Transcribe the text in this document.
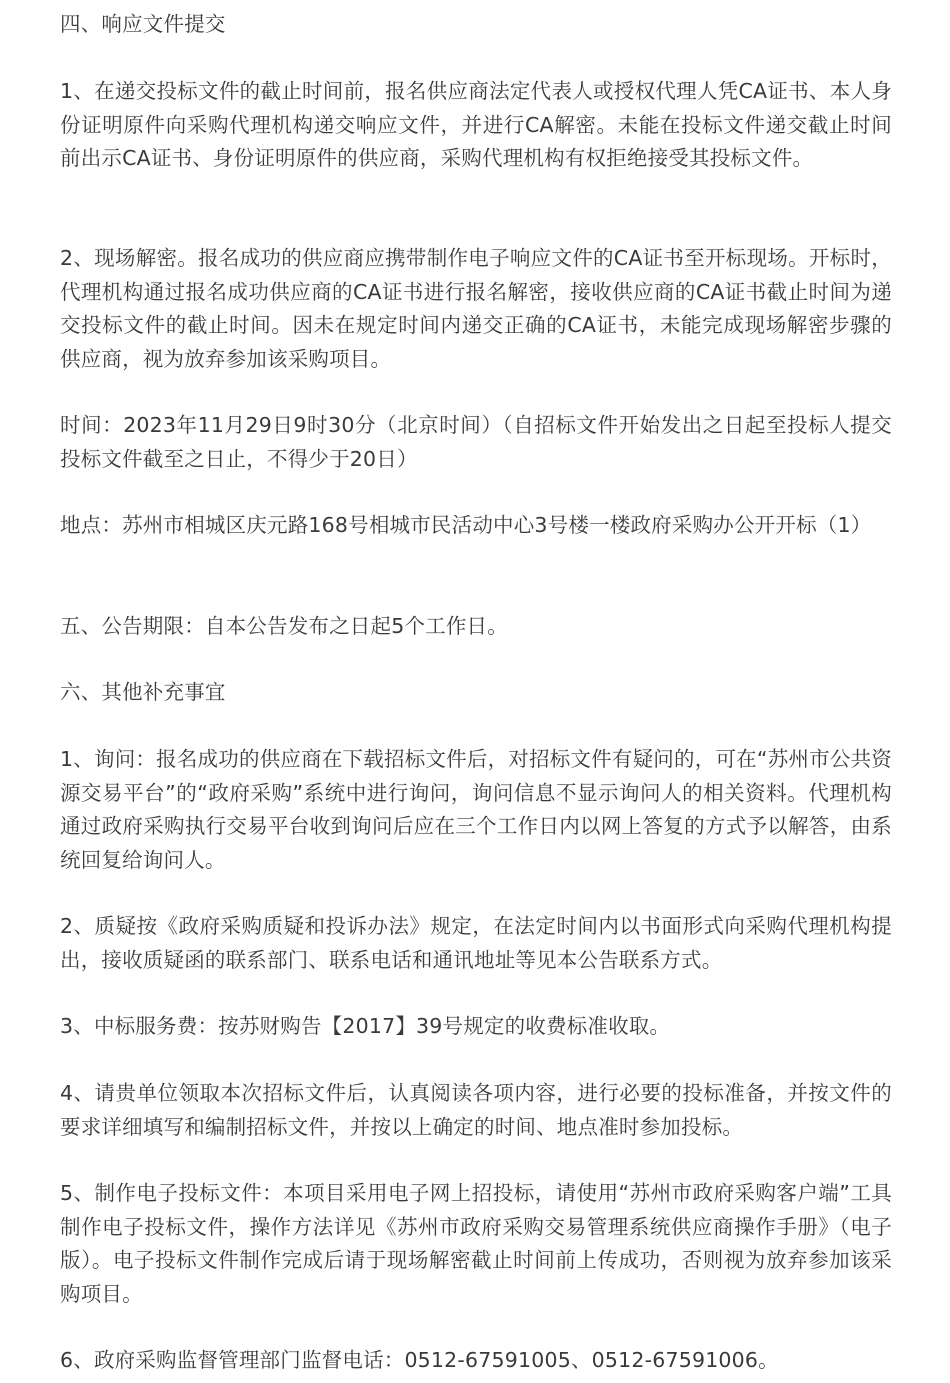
四、响应文件提交

1、在递交投标文件的截止时间前，报名供应商法定代表人或授权代理人凭CA证书、本人身份证明原件向采购代理机构递交响应文件，并进行CA解密。未能在投标文件递交截止时间前出示CA证书、身份证明原件的供应商，采购代理机构有权拒绝接受其投标文件。

2、现场解密。报名成功的供应商应携带制作电子响应文件的CA证书至开标现场。开标时，代理机构通过报名成功供应商的CA证书进行报名解密，接收供应商的CA证书截止时间为递交投标文件的截止时间。因未在规定时间内递交正确的CA证书，未能完成现场解密步骤的供应商，视为放弃参加该采购项目。

时间：2023年11月29日9时30分（北京时间）（自招标文件开始发出之日起至投标人提交投标文件截至之日止，不得少于20日）

地点：苏州市相城区庆元路168号相城市民活动中心3号楼一楼政府采购办公开开标（1）

五、公告期限：自本公告发布之日起5个工作日。

六、其他补充事宜

1、询问：报名成功的供应商在下载招标文件后，对招标文件有疑问的，可在“苏州市公共资源交易平台”的“政府采购”系统中进行询问，询问信息不显示询问人的相关资料。代理机构通过政府采购执行交易平台收到询问后应在三个工作日内以网上答复的方式予以解答，由系统回复给询问人。

2、质疑按《政府采购质疑和投诉办法》规定，在法定时间内以书面形式向采购代理机构提出，接收质疑函的联系部门、联系电话和通讯地址等见本公告联系方式。

3、中标服务费：按苏财购告【2017】39号规定的收费标准收取。

4、请贵单位领取本次招标文件后，认真阅读各项内容，进行必要的投标准备，并按文件的要求详细填写和编制招标文件，并按以上确定的时间、地点准时参加投标。

5、制作电子投标文件：本项目采用电子网上招投标，请使用“苏州市政府采购客户端”工具制作电子投标文件，操作方法详见《苏州市政府采购交易管理系统供应商操作手册》（电子版）。电子投标文件制作完成后请于现场解密截止时间前上传成功，否则视为放弃参加该采购项目。

6、政府采购监督管理部门监督电话：0512-67591005、0512-67591006。
